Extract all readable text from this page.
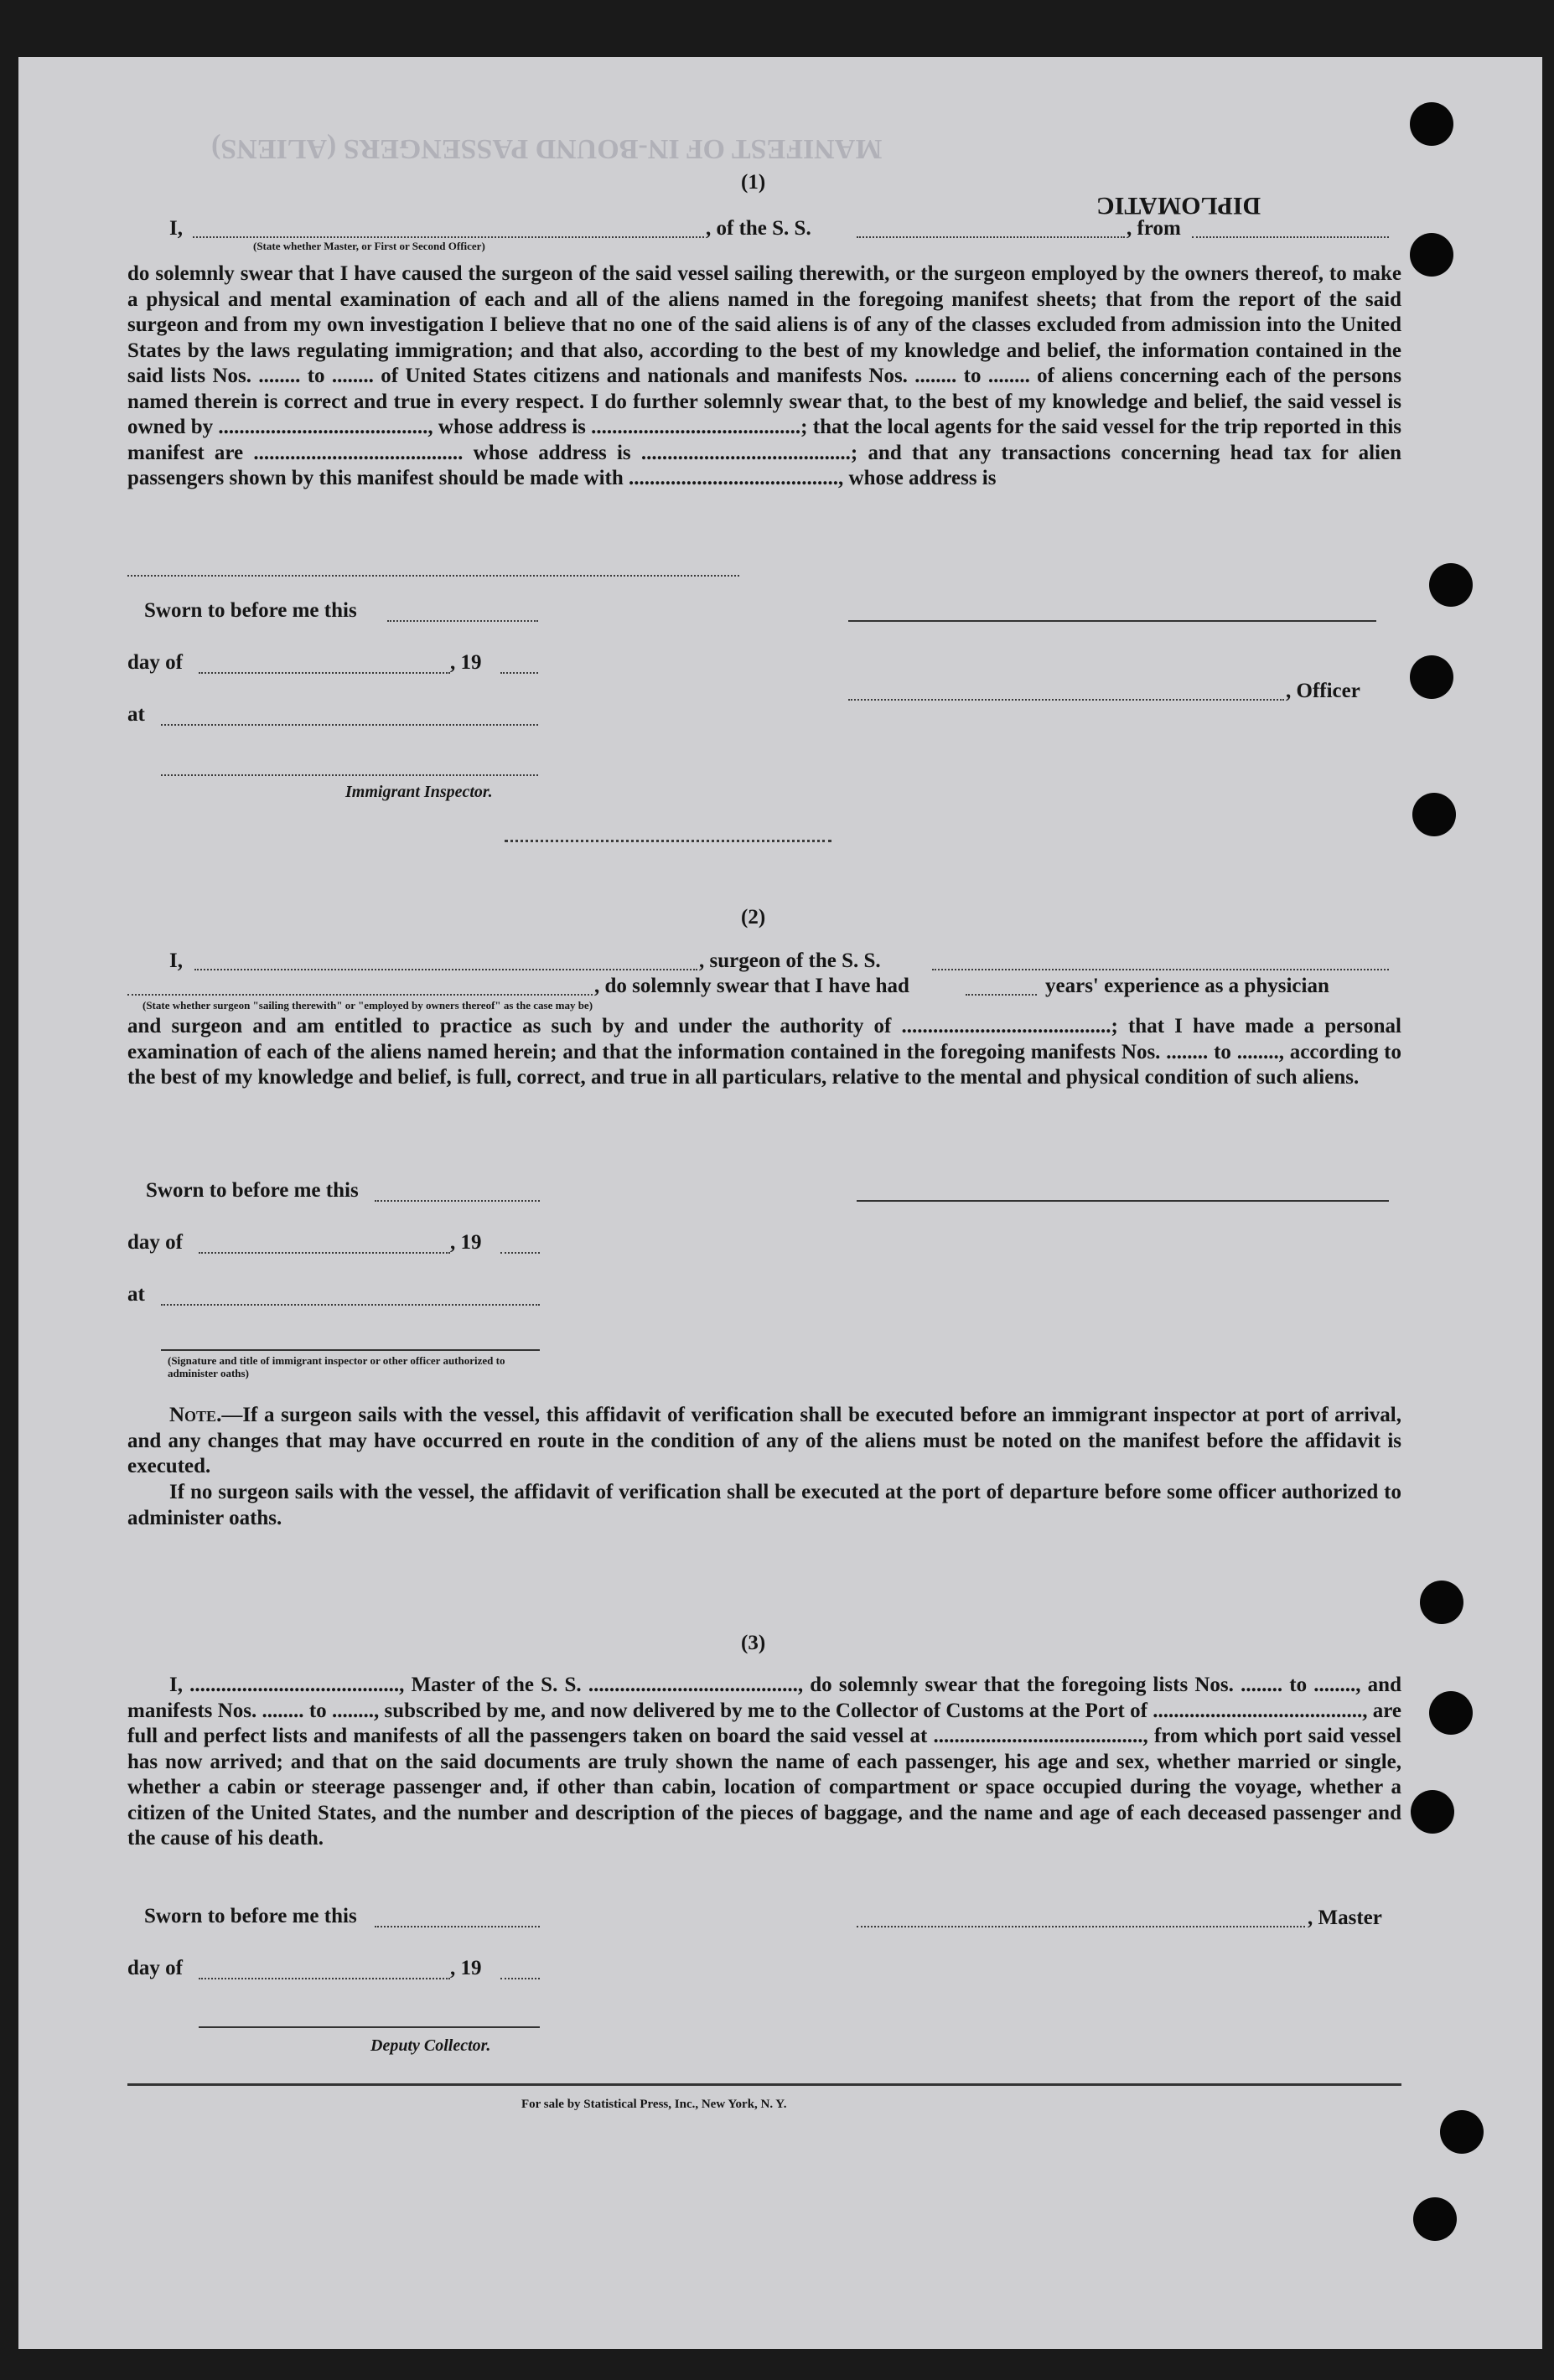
MANIFEST OF IN-BOUND PASSENGERS (ALIENS)
(1)
DIPLOMATIC
I,	, of the S. S.	, from
(State whether Master, or First or Second Officer)
do solemnly swear that I have caused the surgeon of the said vessel sailing therewith, or the surgeon employed by the owners thereof, to make a physical and mental examination of each and all of the aliens named in the foregoing manifest sheets; that from the report of the said surgeon and from my own investigation I believe that no one of the said aliens is of any of the classes excluded from admission into the United States by the laws regulating immigration; and that also, according to the best of my knowledge and belief, the information contained in the said lists Nos. ........ to ........ of United States citizens and nationals and manifests Nos. ........ to ........ of aliens concerning each of the persons named therein is correct and true in every respect. I do further solemnly swear that, to the best of my knowledge and belief, the said vessel is owned by ........................................, whose address is ........................................; that the local agents for the said vessel for the trip reported in this manifest are ........................................ whose address is ........................................; and that any transactions concerning head tax for alien passengers shown by this manifest should be made with ........................................, whose address is
Sworn to before me this
day of	, 19
, Officer
at
Immigrant Inspector.
(2)
I,	, surgeon of the S. S.
, do solemnly swear that I have had	years' experience as a physician
(State whether surgeon "sailing therewith" or "employed by owners thereof" as the case may be)
and surgeon and am entitled to practice as such by and under the authority of ........................................; that I have made a personal examination of each of the aliens named herein; and that the information contained in the foregoing manifests Nos. ........ to ........, according to the best of my knowledge and belief, is full, correct, and true in all particulars, relative to the mental and physical condition of such aliens.
Sworn to before me this
day of	, 19
at
(Signature and title of immigrant inspector or other officer authorized to administer oaths)
Note.—If a surgeon sails with the vessel, this affidavit of verification shall be executed before an immigrant inspector at port of arrival, and any changes that may have occurred en route in the condition of any of the aliens must be noted on the manifest before the affidavit is executed.
If no surgeon sails with the vessel, the affidavit of verification shall be executed at the port of departure before some officer authorized to administer oaths.
(3)
I, ........................................, Master of the S. S. ........................................, do solemnly swear that the foregoing lists Nos. ........ to ........, and manifests Nos. ........ to ........, subscribed by me, and now delivered by me to the Collector of Customs at the Port of ........................................, are full and perfect lists and manifests of all the passengers taken on board the said vessel at ........................................, from which port said vessel has now arrived; and that on the said documents are truly shown the name of each passenger, his age and sex, whether married or single, whether a cabin or steerage passenger and, if other than cabin, location of compartment or space occupied during the voyage, whether a citizen of the United States, and the number and description of the pieces of baggage, and the name and age of each deceased passenger and the cause of his death.
Sworn to before me this	, Master
day of	, 19
Deputy Collector.
For sale by Statistical Press, Inc., New York, N. Y.
